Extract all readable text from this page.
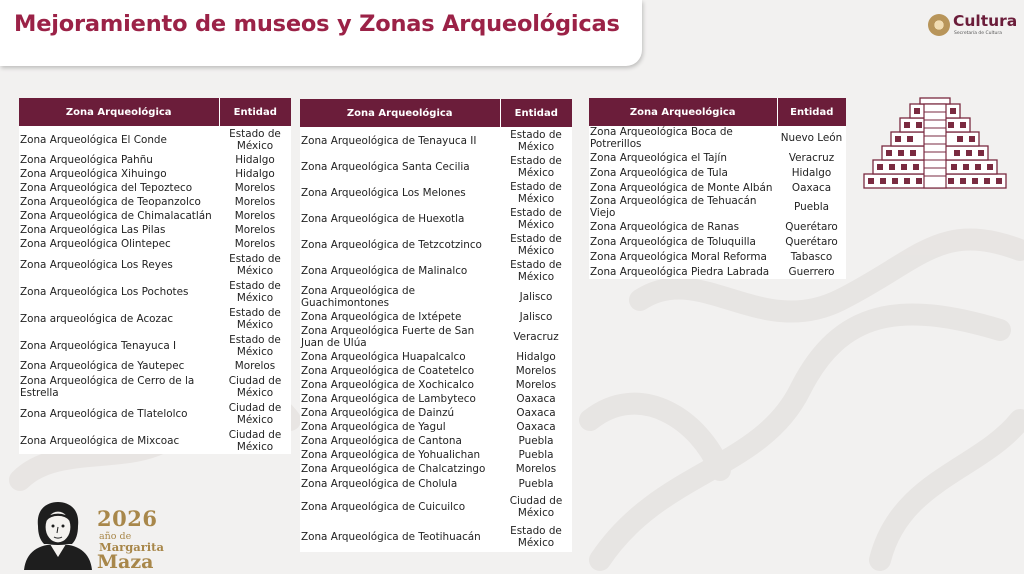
Mejoramiento de museos y Zonas Arqueológicas	Cultura
Secretaría de Cultura
Zona Arqueológica	Entidad
Zona Arqueológica El Conde	Estado de México
Zona Arqueológica Pahñu	Hidalgo
Zona Arqueológica Xihuingo	Hidalgo
Zona Arqueológica del Tepozteco	Morelos
Zona Arqueológica de Teopanzolco	Morelos
Zona Arqueológica de Chimalacatlán	Morelos
Zona Arqueológica Las Pilas	Morelos
Zona Arqueológica Olintepec	Morelos
Zona Arqueológica Los Reyes	Estado de México
Zona Arqueológica Los Pochotes	Estado de México
Zona arqueológica de Acozac	Estado de México
Zona Arqueológica Tenayuca I	Estado de México
Zona Arqueológica de Yautepec	Morelos
Zona Arqueológica de Cerro de la Estrella	Ciudad de México
Zona Arqueológica de Tlatelolco	Ciudad de México
Zona Arqueológica de Mixcoac	Ciudad de México
Zona Arqueológica	Entidad
Zona Arqueológica de Tenayuca II	Estado de México
Zona Arqueológica Santa Cecilia	Estado de México
Zona Arqueológica Los Melones	Estado de México
Zona Arqueológica de Huexotla	Estado de México
Zona Arqueológica de Tetzcotzinco	Estado de México
Zona Arqueológica de Malinalco	Estado de México
Zona Arqueológica de Guachimontones	Jalisco
Zona Arqueológica de Ixtépete	Jalisco
Zona Arqueológica Fuerte de San Juan de Ulúa	Veracruz
Zona Arqueológica Huapalcalco	Hidalgo
Zona Arqueológica de Coatetelco	Morelos
Zona Arqueológica de Xochicalco	Morelos
Zona Arqueológica de Lambyteco	Oaxaca
Zona Arqueológica de Dainzú	Oaxaca
Zona Arqueológica de Yagul	Oaxaca
Zona Arqueológica de Cantona	Puebla
Zona Arqueológica de Yohualichan	Puebla
Zona Arqueológica de Chalcatzingo	Morelos
Zona Arqueológica de Cholula	Puebla
Zona Arqueológica de Cuicuilco	Ciudad de México
Zona Arqueológica de Teotihuacán	Estado de México
Zona Arqueológica	Entidad
Zona Arqueológica Boca de Potrerillos	Nuevo León
Zona Arqueológica el Tajín	Veracruz
Zona Arqueológica de Tula	Hidalgo
Zona Arqueológica de Monte Albán	Oaxaca
Zona Arqueológica de Tehuacán Viejo	Puebla
Zona Arqueológica de Ranas	Querétaro
Zona Arqueológica de Toluquilla	Querétaro
Zona Arqueológica Moral Reforma	Tabasco
Zona Arqueológica Piedra Labrada	Guerrero
2026
año de
Margarita
Maza
